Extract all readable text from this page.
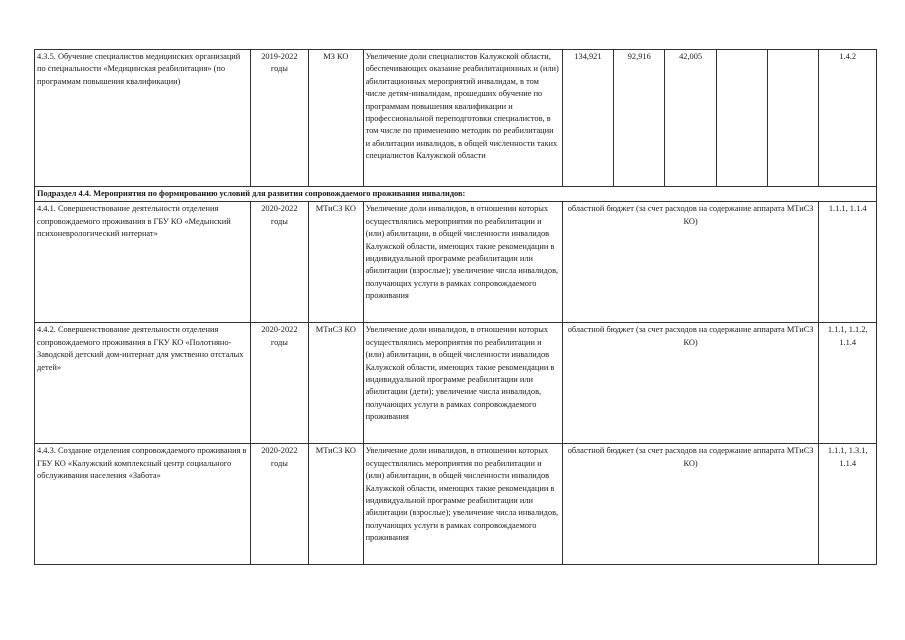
4.3.5. Обучение специалистов медицинских организаций по специальности «Медицинская реабилитация» (по программам повышения квалификации)	2019-2022 годы	МЗ КО	Увеличение доли специалистов Калужской области, обеспечивающих оказание реабилитационных и (или) абилитационных мероприятий инвалидам, в том числе детям-инвалидам, прошедших обучение по программам повышения квалификации и профессиональной переподготовки специалистов, в том числе по применению методик по реабилитации и абилитации инвалидов, в общей численности таких специалистов Калужской области	134,921	92,916	42,005			1.4.2
Подраздел 4.4. Мероприятия по формированию условий для развития сопровождаемого проживания инвалидов:									
4.4.1. Совершенствование деятельности отделения сопровождаемого проживания в ГБУ КО «Медынский психоневрологический интернат»	2020-2022 годы	МТиСЗ КО	Увеличение доли инвалидов, в отношении которых осуществлялись мероприятия по реабилитации и (или) абилитации, в общей численности инвалидов Калужской области, имеющих такие рекомендации в индивидуальной программе реабилитации или абилитации (взрослые); увеличение числа инвалидов, получающих услуги в рамках сопровождаемого проживания	областной бюджет (за счет расходов на содержание аппарата МТиСЗ КО)					1.1.1, 1.1.4
4.4.2. Совершенствование деятельности отделения сопровождаемого проживания в ГКУ КО «Полотняно-Заводской детский дом-интернат для умственно отсталых детей»	2020-2022 годы	МТиСЗ КО	Увеличение доли инвалидов, в отношении которых осуществлялись мероприятия по реабилитации и (или) абилитации, в общей численности инвалидов Калужской области, имеющих такие рекомендации в индивидуальной программе реабилитации или абилитации (дети); увеличение числа инвалидов, получающих услуги в рамках сопровождаемого проживания	областной бюджет (за счет расходов на содержание аппарата МТиСЗ КО)					1.1.1, 1.1.2, 1.1.4
4.4.3. Создание отделения сопровождаемого проживания в ГБУ КО «Калужский комплексный центр социального обслуживания населения «Забота»	2020-2022 годы	МТиСЗ КО	Увеличение доли инвалидов, в отношении которых осуществлялись мероприятия по реабилитации и (или) абилитации, в общей численности инвалидов Калужской области, имеющих такие рекомендации в индивидуальной программе реабилитации или абилитации (взрослые); увеличение числа инвалидов, получающих услуги в рамках сопровождаемого проживания	областной бюджет (за счет расходов на содержание аппарата МТиСЗ КО)					1.1.1, 1.3.1, 1.1.4
